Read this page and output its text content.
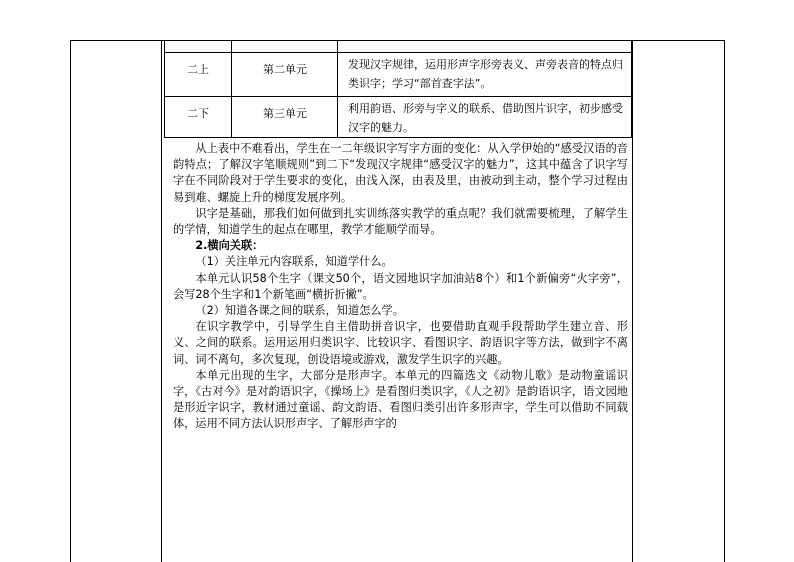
二上	第二单元	发现汉字规律，运用形声字形旁表义、声旁表音的特点归类识字；学习“部首查字法”。
二下	第三单元	利用韵语、形旁与字义的联系、借助图片识字，初步感受汉字的魅力。

从上表中不难看出，学生在一二年级识字写字方面的变化：从入学伊始的“感受汉语的音韵特点；了解汉字笔顺规则”到二下“发现汉字规律“感受汉字的魅力”，这其中蕴含了识字写字在不同阶段对于学生要求的变化，由浅入深，由表及里，由被动到主动，整个学习过程由易到难、螺旋上升的梯度发展序列。

识字是基础，那我们如何做到扎实训练落实教学的重点呢？我们就需要梳理，了解学生的学情，知道学生的起点在哪里，教学才能顺学而导。

2.横向关联：

（1）关注单元内容联系，知道学什么。

本单元认识58个生字（课文50个，语文园地识字加油站8个）和1个新偏旁“火字旁”，会写28个生字和1个新笔画“横折折撇”。

（2）知道各课之间的联系，知道怎么学。

在识字教学中，引导学生自主借助拼音识字，也要借助直观手段帮助学生建立音、形义、之间的联系。运用运用归类识字、比较识字、看图识字、韵语识字等方法，做到字不离词、词不离句，多次复现，创设语境或游戏，激发学生识字的兴趣。

本单元出现的生字，大部分是形声字。本单元的四篇选文《动物儿歌》是动物童谣识字，《古对今》是对韵语识字，《操场上》是看图归类识字，《人之初》是韵语识字，语文园地是形近字识字，教材通过童谣、韵文韵语、看图归类引出许多形声字，学生可以借助不同载体，运用不同方法认识形声字、了解形声字的
